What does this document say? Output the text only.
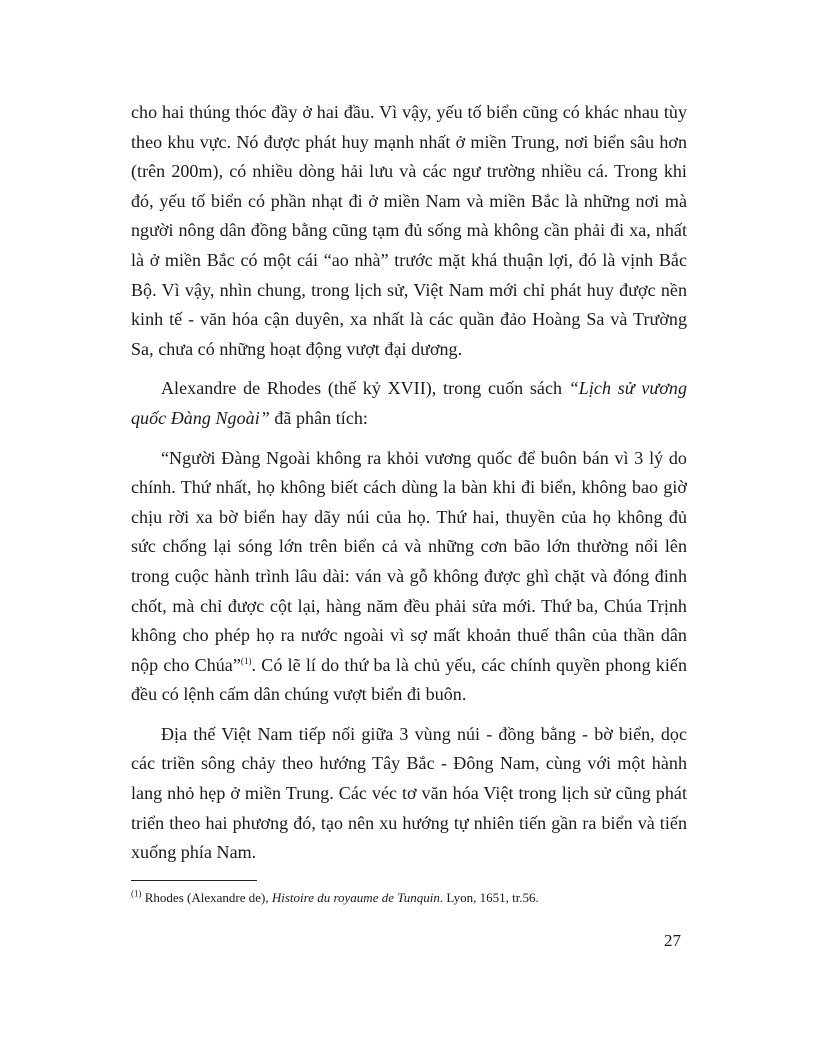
cho hai thúng thóc đầy ở hai đầu. Vì vậy, yếu tố biển cũng có khác nhau tùy theo khu vực. Nó được phát huy mạnh nhất ở miền Trung, nơi biển sâu hơn (trên 200m), có nhiều dòng hải lưu và các ngư trường nhiều cá. Trong khi đó, yếu tố biển có phần nhạt đi ở miền Nam và miền Bắc là những nơi mà người nông dân đồng bằng cũng tạm đủ sống mà không cần phải đi xa, nhất là ở miền Bắc có một cái “ao nhà” trước mặt khá thuận lợi, đó là vịnh Bắc Bộ. Vì vậy, nhìn chung, trong lịch sử, Việt Nam mới chỉ phát huy được nền kinh tế - văn hóa cận duyên, xa nhất là các quần đảo Hoàng Sa và Trường Sa, chưa có những hoạt động vượt đại dương.

Alexandre de Rhodes (thế kỷ XVII), trong cuốn sách “Lịch sử vương quốc Đàng Ngoài” đã phân tích:

“Người Đàng Ngoài không ra khỏi vương quốc để buôn bán vì 3 lý do chính. Thứ nhất, họ không biết cách dùng la bàn khi đi biển, không bao giờ chịu rời xa bờ biển hay dãy núi của họ. Thứ hai, thuyền của họ không đủ sức chống lại sóng lớn trên biển cả và những cơn bão lớn thường nổi lên trong cuộc hành trình lâu dài: ván và gỗ không được ghì chặt và đóng đinh chốt, mà chỉ được cột lại, hàng năm đều phải sửa mới. Thứ ba, Chúa Trịnh không cho phép họ ra nước ngoài vì sợ mất khoản thuế thân của thần dân nộp cho Chúa”$^{(1)}$. Có lẽ lí do thứ ba là chủ yếu, các chính quyền phong kiến đều có lệnh cấm dân chúng vượt biển đi buôn.

Địa thế Việt Nam tiếp nối giữa 3 vùng núi - đồng bằng - bờ biển, dọc các triền sông chảy theo hướng Tây Bắc - Đông Nam, cùng với một hành lang nhỏ hẹp ở miền Trung. Các véc tơ văn hóa Việt trong lịch sử cũng phát triển theo hai phương đó, tạo nên xu hướng tự nhiên tiến gần ra biển và tiến xuống phía Nam.

$^{(1)}$ Rhodes (Alexandre de), Histoire du royaume de Tunquin. Lyon, 1651, tr.56.

27
